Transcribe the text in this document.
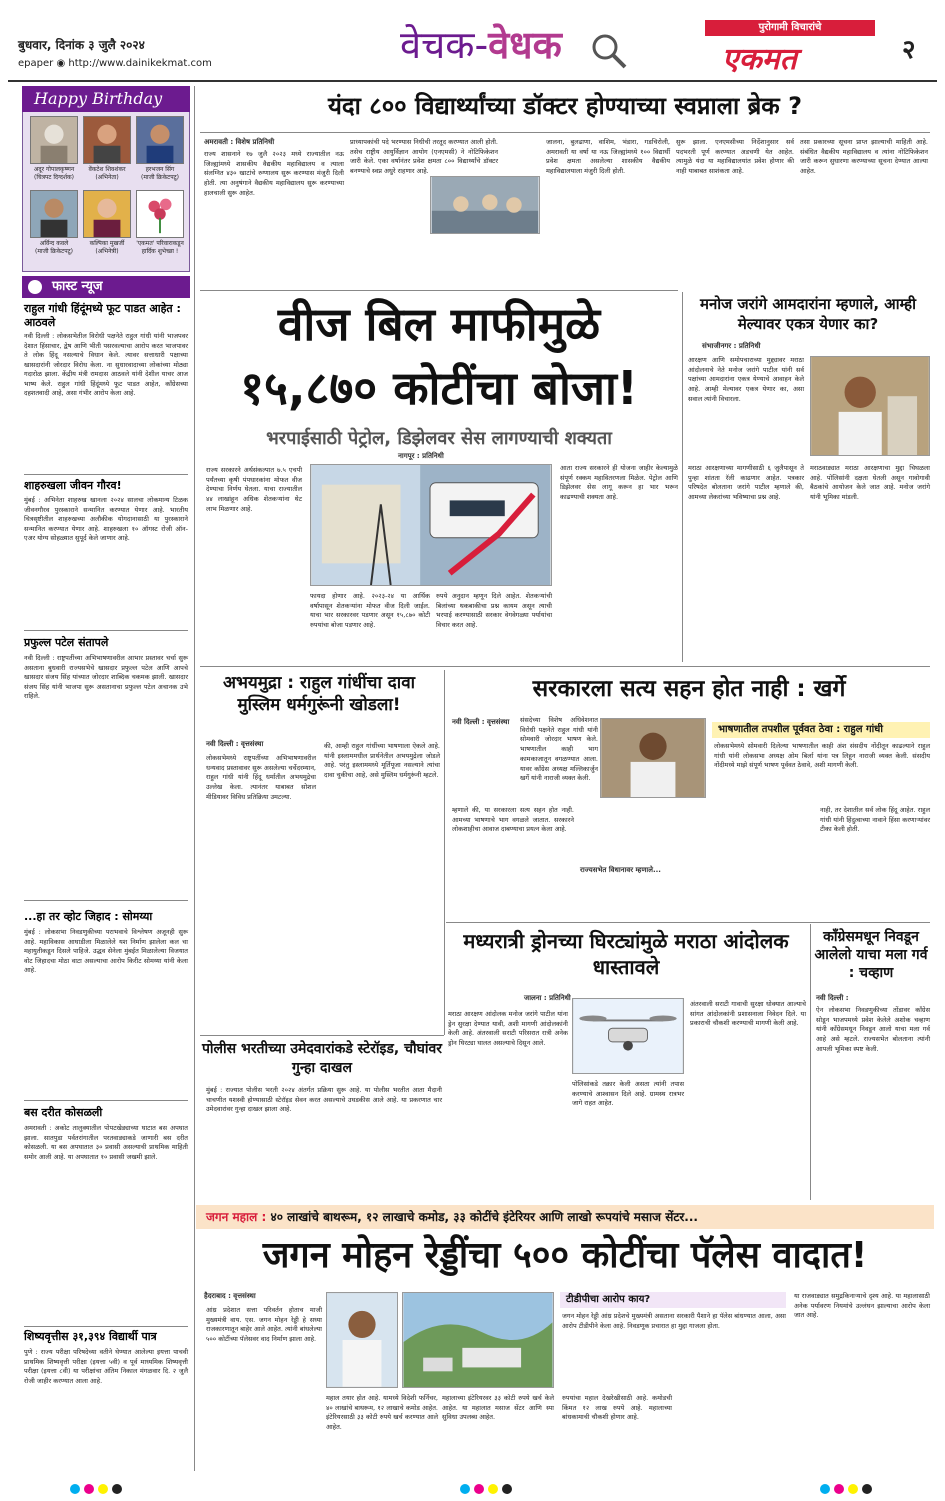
बुधवार, दिनांक ३ जुलै २०२४
epaper ◉ http://www.dainikekmat.com	वेचक-वेधक	पुरोगामी विचारांचे
एकमत	२
Happy Birthday
अदूर गोपालकृष्णन
(चित्रपट दिग्दर्शक)
वेंकटेश शिवशंकर
(अभिनेता)
हरभजन सिंग
(माजी क्रिकेटपटू)
अर्विन्द कवले
(माजी क्रिकेटपटू)
कल्पिका मुखर्जी
(अभिनेत्री)
'एकमत' परिवाराकडून हार्दिक शुभेच्छा !
फास्ट न्यूज
राहुल गांधी हिंदूंमध्ये फूट पाडत आहेत : आठवले
नवी दिल्ली : लोकसभेतील विरोधी पक्षनेते राहुल गांधी यांनी भाजपवर देशात हिंसाचार, द्वेष आणि भीती पसरवल्याचा आरोप करत भाजपावर ते लोक हिंदू नसल्याचे विधान केले. त्यावर सत्ताधारी पक्षाच्या खासदारांनी जोरदार विरोध केला. ना सुधारवादाच्या लोकांच्या मोठ्या गदारोळ झाला. केंद्रीय मंत्री रामदास आठवले यांनी देशील याचर आज भाष्य केले. राहुल गांधी हिंदूंमध्ये फूट पाडत आहेत, काँग्रेसच्या दहशतवादी आहे, असा गंभीर आरोप केला आहे.
शाहरुखला जीवन गौरव!
मुंबई : अभिनेता शाहरुख खानला २०२४ सालचा लोकमान्य टिळक जीवनगौरव पुरस्काराने सन्मानित करण्यात येणार आहे. भारतीय चित्रसृष्टीतील शाहरुखच्या अलौकीक योगदानासाठी या पुरस्काराने सन्मानित करण्यात येणार आहे. शाहरुखला १० ऑगस्ट रोजी ऑन-एअर योग्य सोहळ्यात सुपूर्द केले जाणार आहे.
प्रफुल्ल पटेल संतापले
नवी दिल्ली : राष्ट्रपतींच्या अभिभाषणावरील आभार प्रस्तावर चर्चा सुरू असताना बुधवारी राज्यसभेचे खासदार प्रफुल्ल पटेल आणि आपचे खासदार संजय सिंह यांच्यात जोरदार शाब्दिक चकमक झाली. खासदार संजय सिंह यांनी भाजपा सुरू असतानाचा प्रफुल्ल पटेल अचानक उभे राहिले.
...हा तर व्होट जिहाद : सोमय्या
मुंबई : लोकसभा निवडणुकीच्या पराभवाचे विश्लेषण अजूनही सुरू आहे. महाविकास आघाडीला मिळालेले यश निर्माण झालेला कल चा महायुतीकडून दिसले पाहिजे. उद्धव सेनेला मुंबईत मिळालेल्या विजयात वोट जिहादचा मोठा वाटा असल्याचा आरोप किरीट सोमय्या यांनी केला आहे.
बस दरीत कोसळली
अमरावती : अकोट तालुक्यातील पोपटखेड्याच्या घाटात बस अपघात झाला. सातपुडा पर्वतरांगातील परतवाड्याकडे जाणारी बस दरीत कोसळली. या बस अपघातात ३० प्रवासी असल्याची प्राथमिक माहिती समोर आली आहे. या अपघातात १० प्रवासी जखमी झाले.
शिष्यवृत्तीस ३१,३९४ विद्यार्थी पात्र
पुणे : राज्य परीक्षा परिषदेच्या वतीने घेण्यात आलेल्या इयत्ता पाचवी प्राथमिक शिष्यवृत्ती परीक्षा (इयत्ता ५वी) व पूर्व माध्यमिक शिष्यवृत्ती परीक्षा (इयत्ता ८वी) या परीक्षांचा अंतिम निकाल मंगळवार दि. २ जुलै रोजी जाहीर करण्यात आला आहे.
यंदा ८०० विद्यार्थ्यांच्या डॉक्टर होण्याच्या स्वप्नाला ब्रेक ?
अमरावती : विशेष प्रतिनिधी
राज्य शासनाने १७ जुलै २०२३ मध्ये राज्यातील नऊ जिल्ह्यांमध्ये शासकीय वैद्यकीय महाविद्यालय व त्याला संलग्नित ४३० खाटांचे रुग्णालय सुरू करण्यास मंजुरी दिली होती. त्या अनुषंगाने वैद्यकीय महाविद्यालय सुरू करण्याच्या हालचाली सुरू आहेत.
प्राध्यापकांची पदे भरण्यास निधीची तरतूद करण्यात आली होती. तसेच राष्ट्रीय आयुर्विज्ञान आयोग (एनएमसी) ने नोटिफिकेशन जारी केले. एका वर्षानंतर प्रवेश क्षमता ८०० विद्यार्थ्यांचे डॉक्टर बनण्याचे स्वप्न अधुरे राहणार आहे.
जालना, बुलढाणा, वाशिम, भंडारा, गडचिरोली, अमरावती या वर्षा या नऊ जिल्ह्यांमध्ये १०० विद्यार्थी प्रवेश क्षमता असलेल्या शासकीय वैद्यकीय महाविद्यालयाला मंजुरी दिली होती.
सुरू झाला. एनएमसीच्या निर्देशानुसार सर्व पदभरती पूर्ण करण्यात अडचणी येत आहेत. त्यामुळे यंदा या महाविद्यालयांत प्रवेश होणार की नाही याबाबत साशंकता आहे.
तसा प्रकारच्या सूचना प्राप्त झाल्याची माहिती आहे. संबंधित वैद्यकीय महाविद्यालय व त्यांना नोटिफिकेशन जारी करून सुधारणा करण्याच्या सूचना देण्यात आल्या आहेत.
वीज बिल माफीमुळे
१५,८७० कोटींचा बोजा!
भरपाईसाठी पेट्रोल, डिझेलवर सेस लागण्याची शक्यता
नागपूर : प्रतिनिधी
राज्य सरकारने अर्थसंकल्पात ७.५ एचपी पर्यंतच्या कृषी पंपधारकांना मोफत वीज देण्याचा निर्णय घेतला. याचा राज्यातील ४४ लाखांहून अधिक शेतकऱ्यांना थेट लाभ मिळणार आहे.
फायदा होणार आहे. २०२३-२४ या आर्थिक वर्षापासून शेतकऱ्यांना मोफत वीज दिली जाईल. याचा भार सरकारवर पडणार असून १५,८७० कोटी रुपयांचा बोजा पडणार आहे.
रुपये अनुदान म्हणून दिले आहेत. शेतकऱ्यांची बिलांच्या थकबाकीचा प्रश्न कायम असून त्याची भरपाई करण्यासाठी सरकार वेगवेगळ्या पर्यायांचा विचार करत आहे.
आता राज्य सरकारने ही योजना जाहीर केल्यामुळे संपूर्ण रक्कम महावितरणला मिळेल. पेट्रोल आणि डिझेलवर सेस लागू करून हा भार भरून काढण्याची शक्यता आहे.
मनोज जरांगे आमदारांना म्हणाले, आम्ही मेल्यावर एकत्र येणार का?
संभाजीनगर : प्रतिनिधी
आरक्षण आणि समोपचाराच्या मुद्द्यावर मराठा आंदोलनाचे नेते मनोज जरांगे पाटील यांनी सर्व पक्षांच्या आमदारांना एकत्र येण्याचे आवाहन केले आहे. आम्ही मेल्यावर एकत्र येणार का, असा सवाल त्यांनी विचारला.
मराठा आरक्षणाच्या मागणीसाठी ६ जुलैपासून ते पुन्हा शांतता रॅली काढणार आहेत. पत्रकार परिषदेत बोलताना जरांगे पाटील म्हणाले की, आमच्या लेकरांच्या भविष्याचा प्रश्न आहे.
मराठवाड्यात मराठा आरक्षणाचा मुद्दा चिघळला आहे. पोलिसांनी दक्षता घेतली असून गावोगावी बैठकांचे आयोजन केले जात आहे. मनोज जरांगे यांनी भूमिका मांडली.
अभयमुद्रा : राहुल गांधींचा दावा मुस्लिम धर्मगुरूंनी खोडला!
नवी दिल्ली : वृत्तसंस्था
लोकसभेमध्ये राष्ट्रपतींच्या अभिभाषणावरील धन्यवाद प्रस्तावावर सुरू असलेल्या चर्चेदरम्यान, राहुल गांधी यांनी हिंदू धर्मातील अभयमुद्रेचा उल्लेख केला. त्यानंतर याबाबत सोशल मीडियावर विविध प्रतिक्रिया उमटल्या.
की, आम्ही राहुल गांधींच्या भाषणाला ऐकले आहे. यांनी इस्लाममधील प्रार्थनेतील अभयमुद्रेला जोडले आहे. परंतु इस्लाममध्ये मूर्तिपूजा नसल्याने त्यांचा दावा चुकीचा आहे, असे मुस्लिम धर्मगुरूंनी म्हटले.
सरकारला सत्य सहन होत नाही : खर्गे
नवी दिल्ली : वृत्तसंस्था संसदेच्या विशेष अधिवेशनात विरोधी पक्षनेते राहुल गांधी यांनी सोमवारी जोरदार भाषण केले. भाषणातील काही भाग कामकाजातून वगळण्यात आला. यावर काँग्रेस अध्यक्ष मल्लिकार्जुन खर्गे यांनी नाराजी व्यक्त केली.
म्हणाले की, या सरकारला सत्य सहन होत नाही. आमच्या भाषणाचे भाग वगळले जातात. सरकारने लोकशाहीचा आवाज दाबण्याचा प्रयत्न केला आहे.
राज्यसभेत विधानावर म्हणाले...
भाषणातील तपशील पूर्ववत ठेवा : राहुल गांधी
लोकसभेमध्ये सोमवारी दिलेल्या भाषणातील काही अंश संसदीय नोंदीतून काढल्याने राहुल गांधी यांनी लोकसभा अध्यक्ष ओम बिर्ला यांना पत्र लिहून नाराजी व्यक्त केली. संसदीय नोंदीमध्ये माझे संपूर्ण भाषण पूर्ववत ठेवावे, अशी मागणी केली.
नाही, तर देशातील सर्व लोक हिंदू आहेत. राहुल गांधी यांनी हिंदुत्वाच्या नावाने हिंसा करणाऱ्यांवर टीका केली होती.
मध्यरात्री ड्रोनच्या घिरट्यांमुळे मराठा आंदोलक धास्तावले
जालना : प्रतिनिधी
मराठा आरक्षण आंदोलक मनोज जरांगे पाटील यांना ड्रेन सुरक्षा देण्यात यावी, अशी मागणी आंदोलकांनी केली आहे. अंतरवाली सराटी परिसरात रात्री अनेक ड्रोन घिरट्या घालत असल्याचे दिसून आले.
पोलिसांकडे तक्रार केली असता त्यांनी तपास करण्याचे आश्वासन दिले आहे. ग्रामस्थ रात्रभर जागे राहत आहेत.
अंतरवाली सराटी गावाची सुरक्षा धोक्यात आल्याचे सांगत आंदोलकांनी प्रशासनाला निवेदन दिले. या प्रकाराची चौकशी करण्याची मागणी केली आहे.
काँग्रेसमधून निवडून आलेलो याचा मला गर्व : चव्हाण
नवी दिल्ली :
ऐन लोकसभा निवडणुकीच्या तोंडावर काँग्रेस सोडून भाजपमध्ये प्रवेश केलेले अशोक चव्हाण यांनी काँग्रेसमधून निवडून आलो याचा मला गर्व आहे असे म्हटले. राज्यसभेत बोलताना त्यांनी आपली भूमिका स्पष्ट केली.
पोलीस भरतीच्या उमेदवारांकडे स्टेरॉइड, चौघांवर गुन्हा दाखल
मुंबई : राज्यात पोलीस भरती २०२४ अंतर्गत प्रक्रिया सुरू आहे. या पोलीस भरतीत आता मैदानी चाचणीत यशस्वी होण्यासाठी स्टेरॉइड सेवन करत असल्याचे उघडकीस आले आहे. या प्रकरणात चार उमेदवारांवर गुन्हा दाखल झाला आहे.
जगन महाल : ४० लाखांचे बाथरूम, १२ लाखाचे कमोड, ३३ कोटींचे इंटेरियर आणि लाखो रूपयांचे मसाज सेंटर...
जगन मोहन रेड्डींचा ५०० कोटींचा पॅलेस वादात!
हैदराबाद : वृत्तसंस्था
आंध्र प्रदेशात सत्ता परिवर्तन होताच माजी मुख्यमंत्री वाय. एस. जगन मोहन रेड्डी हे सध्या राजकारणातून बाहेर आले आहेत. त्यांनी बांधलेल्या ५०० कोटींच्या पॅलेसवर वाद निर्माण झाला आहे.
महाल तयार होत आहे. यामध्ये विदेशी फर्निचर, ४० लाखांचे बाथरूम, १२ लाखाचे कमोड आहेत. इंटेरियरसाठी ३३ कोटी रुपये खर्च करण्यात आले आहेत.
महालाच्या इंटेरियरवर ३३ कोटी रुपये खर्च केले आहेत. या महालात मसाज सेंटर आणि स्पा सुविधा उपलब्ध आहेत.
टीडीपीचा आरोप काय?
जगन मोहन रेड्डी आंध्र प्रदेशचे मुख्यमंत्री असताना सरकारी पैशाने हा पॅलेस बांधण्यात आला, असा आरोप टीडीपीने केला आहे. निवडणूक प्रचारात हा मुद्दा गाजला होता.
रुपयांचा महाल देखरेखीसाठी आहे. कमोडची किंमत १२ लाख रुपये आहे. महालाच्या बांधकामाची चौकशी होणार आहे.
या राजवाड्यात समुद्रकिनाऱ्याचे दृश्य आहे. या महालासाठी अनेक पर्यावरण नियमांचे उल्लंघन झाल्याचा आरोप केला जात आहे.
